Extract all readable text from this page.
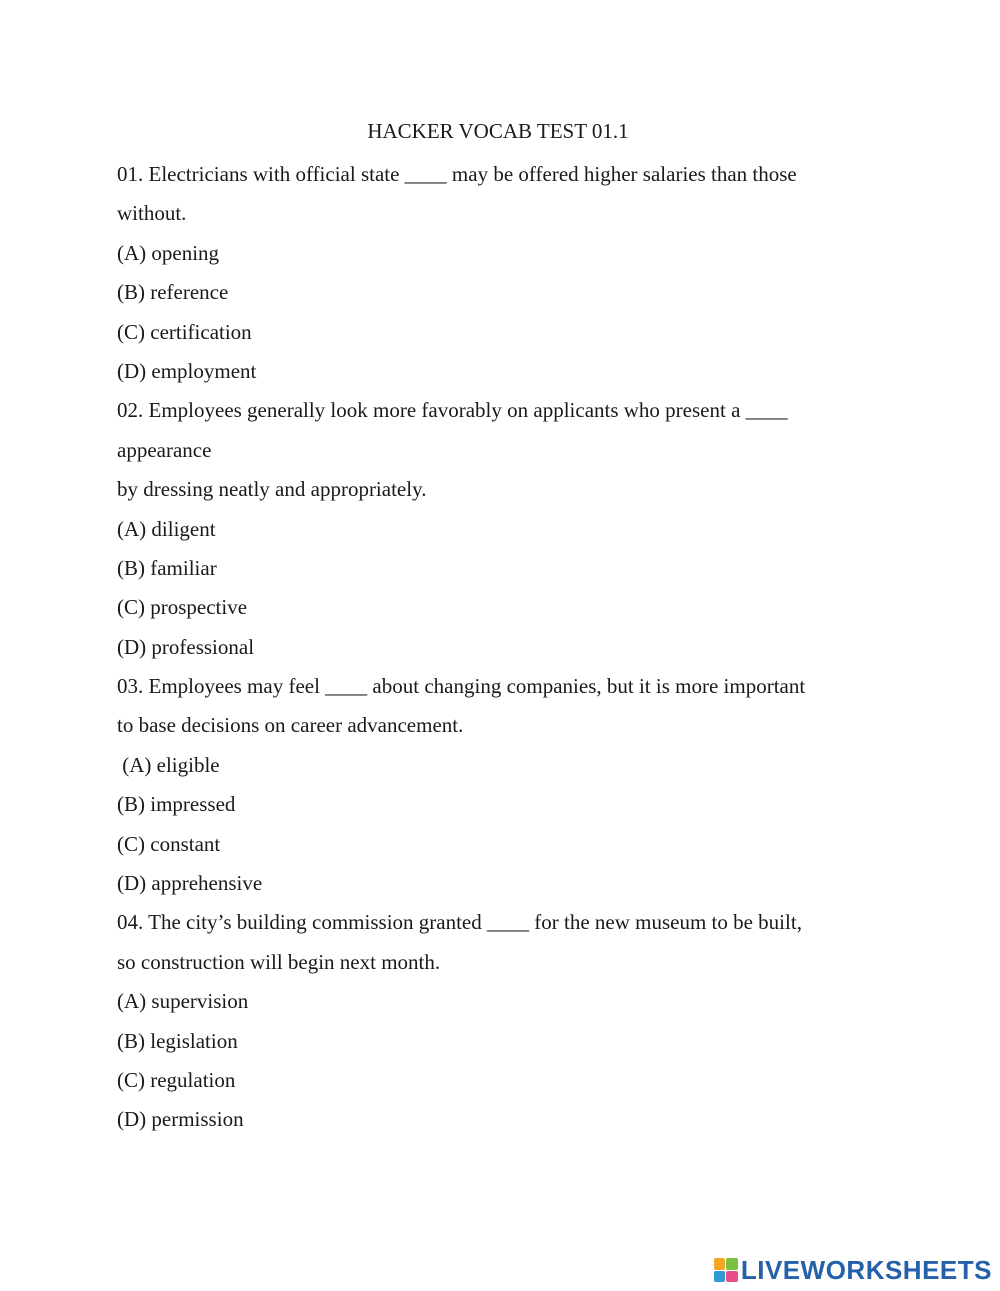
HACKER VOCAB TEST 01.1
01. Electricians with official state ____ may be offered higher salaries than those
without.
(A) opening
(B) reference
(C) certification
(D) employment
02. Employees generally look more favorably on applicants who present a ____
appearance
by dressing neatly and appropriately.
(A) diligent
(B) familiar
(C) prospective
(D) professional
03. Employees may feel ____ about changing companies, but it is more important
to base decisions on career advancement.
(A) eligible
(B) impressed
(C) constant
(D) apprehensive
04. The city’s building commission granted ____ for the new museum to be built,
so construction will begin next month.
(A) supervision
(B) legislation
(C) regulation
(D) permission
LIVEWORKSHEETS
